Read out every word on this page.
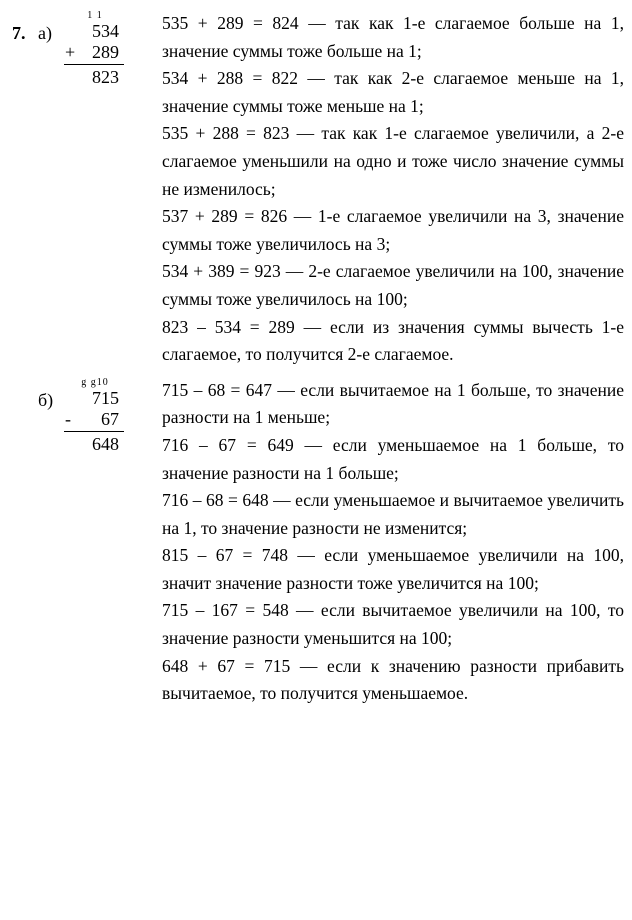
7. а)
1 1
534
+ 289
823

535 + 289 = 824 — так как 1-е слагаемое больше на 1, значение суммы тоже больше на 1;

534 + 288 = 822 — так как 2-е слагаемое меньше на 1, значение суммы тоже меньше на 1;

535 + 288 = 823 — так как 1-е слагаемое увеличили, а 2-е слагаемое уменьшили на одно и тоже число значение суммы не изменилось;

537 + 289 = 826 — 1-е слагаемое увеличили на 3, значение суммы тоже увеличилось на 3;

534 + 389 = 923 — 2-е слагаемое увеличили на 100, значение суммы тоже увеличилось на 100;

823 – 534 = 289 — если из значения суммы вычесть 1-е слагаемое, то получится 2-е слагаемое.

б)
g g10
715
- 67
648

715 – 68 = 647 — если вычитаемое на 1 больше, то значение разности на 1 меньше;

716 – 67 = 649 — если уменьшаемое на 1 больше, то значение разности на 1 больше;

716 – 68 = 648 — если уменьшаемое и вычитаемое увеличить на 1, то значение разности не изменится;

815 – 67 = 748 — если уменьшаемое увеличили на 100, значит значение разности тоже увеличится на 100;

715 – 167 = 548 — если вычитаемое увеличили на 100, то значение разности уменьшится на 100;

648 + 67 = 715 — если к значению разности прибавить вычитаемое, то получится уменьшаемое.
